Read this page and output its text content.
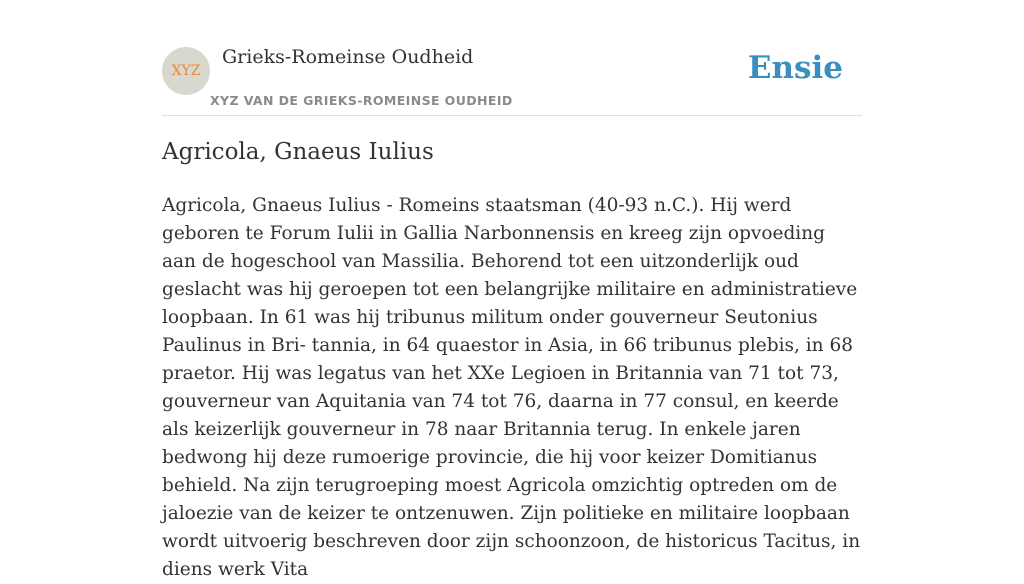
XYZ
Grieks-Romeinse Oudheid
XYZ VAN DE GRIEKS-ROMEINSE OUDHEID
Ensie
Agricola, Gnaeus Iulius

Agricola, Gnaeus Iulius - Romeins staatsman (40-93 n.C.). Hij werd geboren te Forum Iulii in Gallia Narbonnensis en kreeg zijn opvoeding aan de hogeschool van Massilia. Behorend tot een uitzonderlijk oud geslacht was hij geroepen tot een belangrijke militaire en administratieve loopbaan. In 61 was hij tribunus militum onder gouverneur Seutonius Paulinus in Bri- tannia, in 64 quaestor in Asia, in 66 tribunus plebis, in 68 praetor. Hij was legatus van het XXe Legioen in Britannia van 71 tot 73, gouverneur van Aquitania van 74 tot 76, daarna in 77 consul, en keerde als keizerlijk gouverneur in 78 naar Britannia terug. In enkele jaren bedwong hij deze rumoerige provincie, die hij voor keizer Domitianus behield. Na zijn terugroeping moest Agricola omzichtig optreden om de jaloezie van de keizer te ontzenuwen. Zijn politieke en militaire loopbaan wordt uitvoerig beschreven door zijn schoonzoon, de historicus Tacitus, in diens werk Vita
